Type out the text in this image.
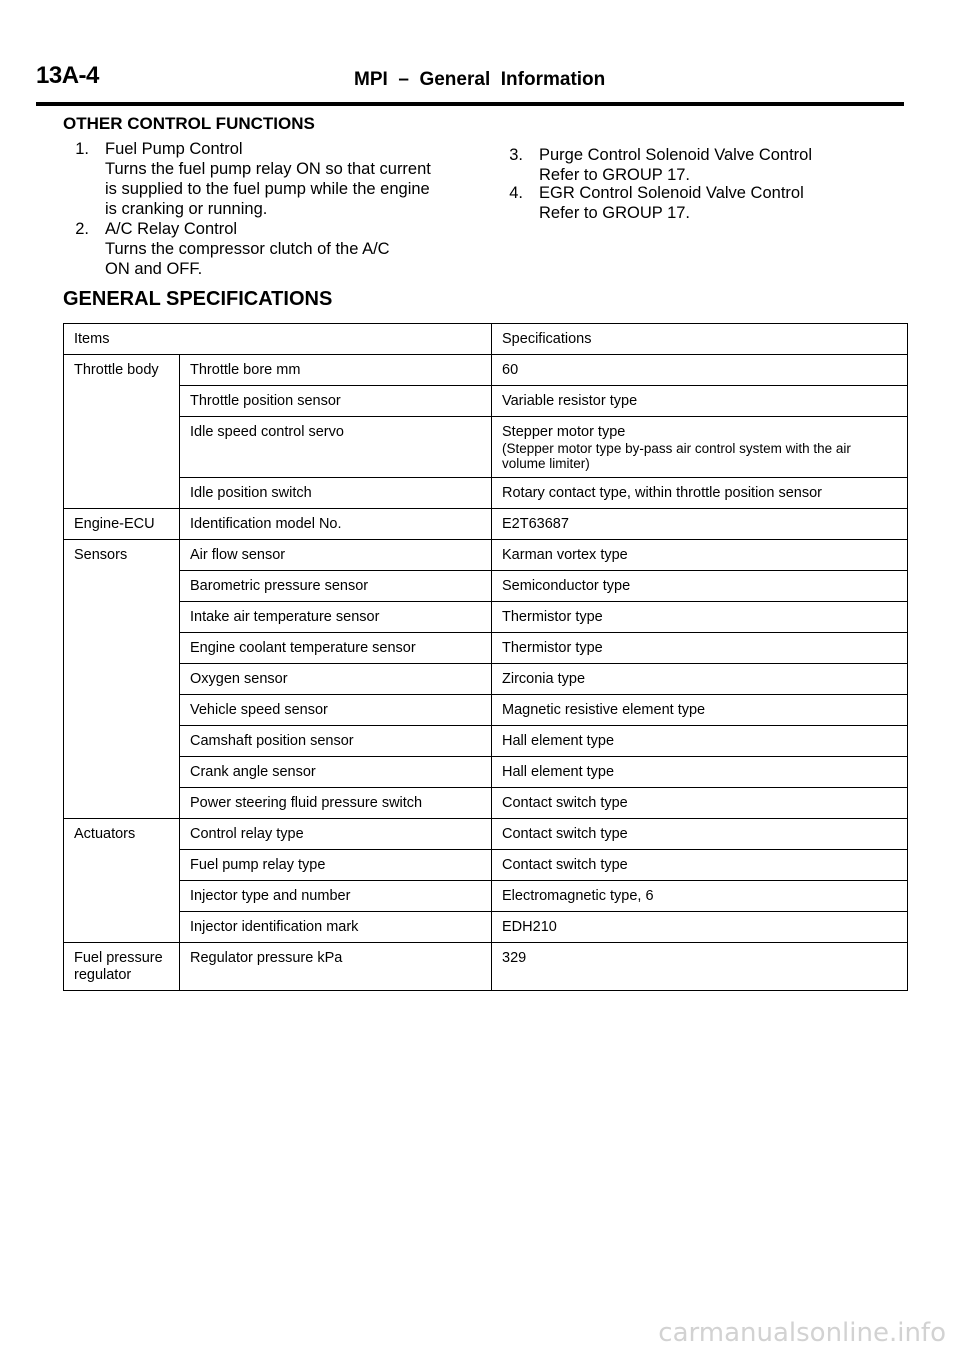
13A-4	MPI  –  General  Information
OTHER CONTROL FUNCTIONS
1. Fuel Pump Control
Turns the fuel pump relay ON so that current
is supplied to the fuel pump while the engine
is cranking or running.
2. A/C Relay Control
Turns the compressor clutch of the A/C
ON and OFF.
3. Purge Control Solenoid Valve Control
Refer to GROUP 17.
4. EGR Control Solenoid Valve Control
Refer to GROUP 17.
GENERAL SPECIFICATIONS
Items		Specifications
Throttle body	Throttle bore mm	60
	Throttle position sensor	Variable resistor type
	Idle speed control servo	Stepper motor type
(Stepper motor type by-pass air control system with the air
volume limiter)

	Idle position switch	Rotary contact type, within throttle position sensor
Engine-ECU	Identification model No.	E2T63687
Sensors	Air flow sensor	Karman vortex type
	Barometric pressure sensor	Semiconductor type
	Intake air temperature sensor	Thermistor type
	Engine coolant temperature sensor	Thermistor type
	Oxygen sensor	Zirconia type
	Vehicle speed sensor	Magnetic resistive element type
	Camshaft position sensor	Hall element type
	Crank angle sensor	Hall element type
	Power steering fluid pressure switch	Contact switch type
Actuators	Control relay type	Contact switch type
	Fuel pump relay type	Contact switch type
	Injector type and number	Electromagnetic type, 6
	Injector identification mark	EDH210

Fuel pressure
regulator	Regulator pressure kPa	329
carmanualsonline.info
